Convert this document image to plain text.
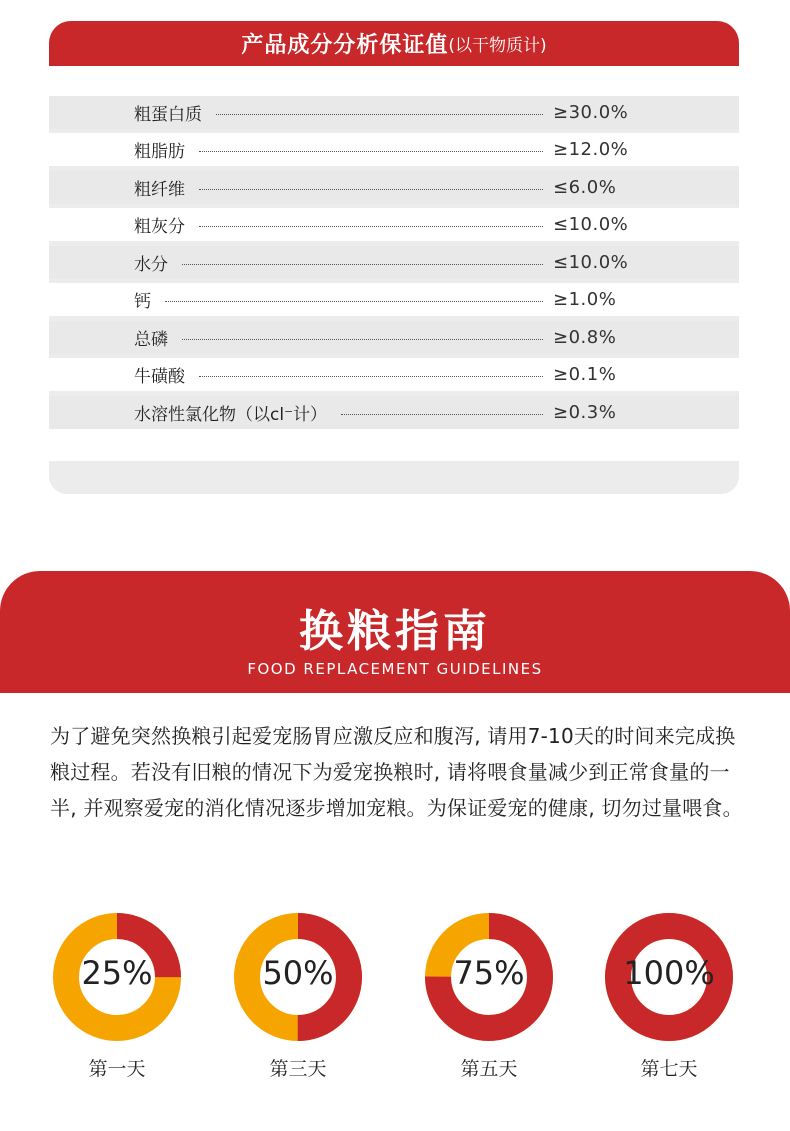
产品成分分析保证值 (以干物质计)
粗蛋白质	≥30.0%
粗脂肪	≥12.0%
粗纤维	≤6.0%
粗灰分	≤10.0%
水分	≤10.0%
钙	≥1.0%
总磷	≥0.8%
牛磺酸	≥0.1%
水溶性氯化物（以cl⁻计）	≥0.3%
换粮指南
FOOD REPLACEMENT GUIDELINES
为了避免突然换粮引起爱宠肠胃应激反应和腹泻, 请用7-10天的时间来完成换粮过程。若没有旧粮的情况下为爱宠换粮时, 请将喂食量减少到正常食量的一半, 并观察爱宠的消化情况逐步增加宠粮。为保证爱宠的健康, 切勿过量喂食。
25%
第一天
50%
第三天
75%
第五天
100%
第七天
